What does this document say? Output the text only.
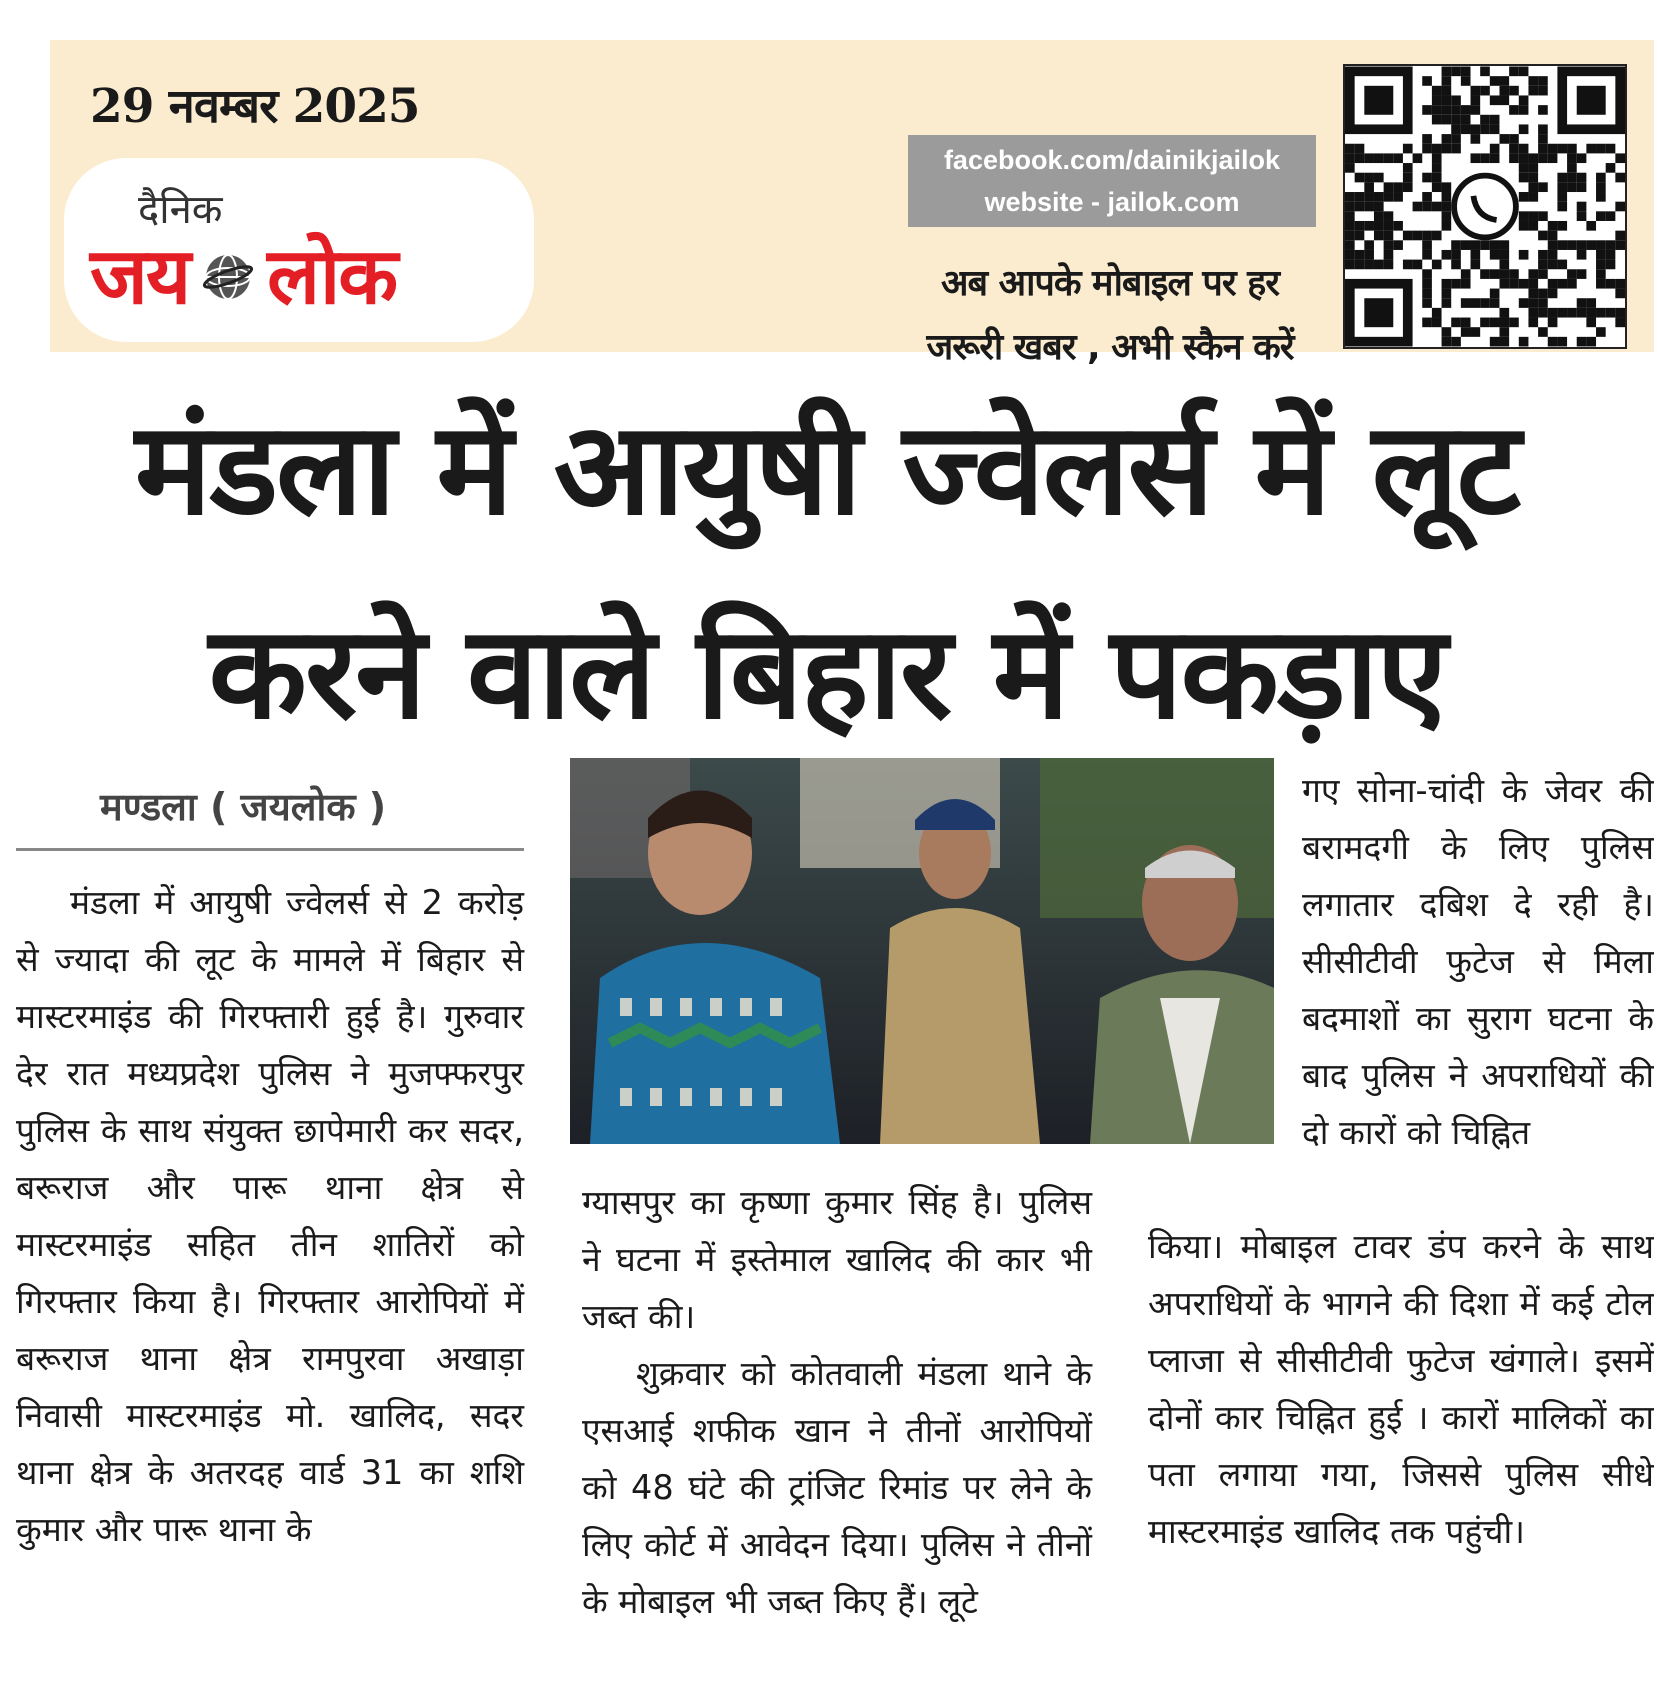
29 नवम्बर 2025
facebook.com/dainikjailok
website - jailok.com
अब आपके मोबाइल पर हर
जरूरी खबर , अभी स्कैन करें
दैनिक
जय लोक
मंडला में आयुषी ज्वेलर्स में लूट
करने वाले बिहार में पकड़ाए
मण्डला ( जयलोक )

मंडला में आयुषी ज्वेलर्स से 2 करोड़ से ज्यादा की लूट के मामले में बिहार से मास्टरमाइंड की गिरफ्तारी हुई है। गुरुवार देर रात मध्यप्रदेश पुलिस ने मुजफ्फरपुर पुलिस के साथ संयुक्त छापेमारी कर सदर, बरूराज और पारू थाना क्षेत्र से मास्टरमाइंड सहित तीन शातिरों को गिरफ्तार किया है। गिरफ्तार आरोपियों में बरूराज थाना क्षेत्र रामपुरवा अखाड़ा निवासी मास्टरमाइंड मो. खालिद, सदर थाना क्षेत्र के अतरदह वार्ड 31 का शशि कुमार और पारू थाना के

ग्यासपुर का कृष्णा कुमार सिंह है। पुलिस ने घटना में इस्तेमाल खालिद की कार भी जब्त की।

शुक्रवार को कोतवाली मंडला थाने के एसआई शफीक खान ने तीनों आरोपियों को 48 घंटे की ट्रांजिट रिमांड पर लेने के लिए कोर्ट में आवेदन दिया। पुलिस ने तीनों के मोबाइल भी जब्त किए हैं। लूटे

गए सोना-चांदी के जेवर की बरामदगी के लिए पुलिस लगातार दबिश दे रही है। सीसीटीवी फुटेज से मिला बदमाशों का सुराग घटना के बाद पुलिस ने अपराधियों की दो कारों को चिह्नित

किया। मोबाइल टावर डंप करने के साथ अपराधियों के भागने की दिशा में कई टोल प्लाजा से सीसीटीवी फुटेज खंगाले। इसमें दोनों कार चिह्नित हुई । कारों मालिकों का पता लगाया गया, जिससे पुलिस सीधे मास्टरमाइंड खालिद तक पहुंची।
